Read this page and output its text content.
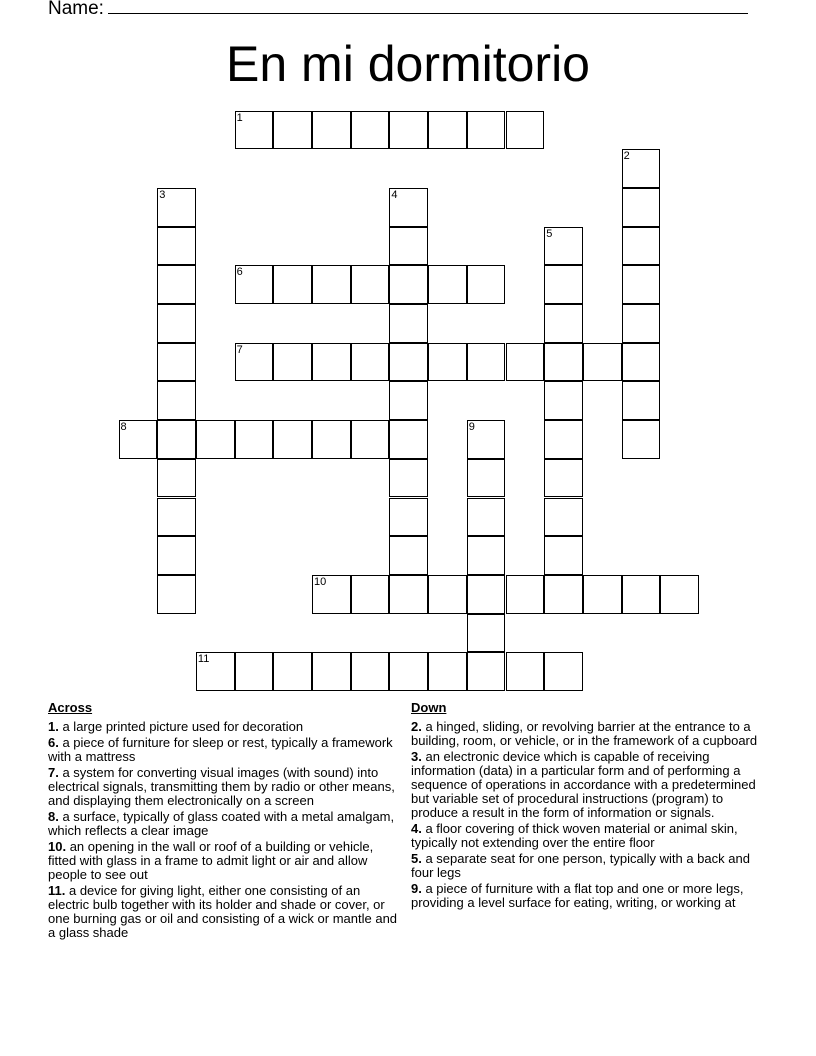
Name:
En mi dormitorio
1
2
3	4
5
6
7
8	9
10
11
Across
1. a large printed picture used for decoration
6. a piece of furniture for sleep or rest, typically a framework with a mattress
7. a system for converting visual images (with sound) into electrical signals, transmitting them by radio or other means, and displaying them electronically on a screen
8. a surface, typically of glass coated with a metal amalgam, which reflects a clear image
10. an opening in the wall or roof of a building or vehicle, fitted with glass in a frame to admit light or air and allow people to see out
11. a device for giving light, either one consisting of an electric bulb together with its holder and shade or cover, or one burning gas or oil and consisting of a wick or mantle and a glass shade
Down
2. a hinged, sliding, or revolving barrier at the entrance to a building, room, or vehicle, or in the framework of a cupboard
3. an electronic device which is capable of receiving information (data) in a particular form and of performing a sequence of operations in accordance with a predetermined but variable set of procedural instructions (program) to produce a result in the form of information or signals.
4. a floor covering of thick woven material or animal skin, typically not extending over the entire floor
5. a separate seat for one person, typically with a back and four legs
9. a piece of furniture with a flat top and one or more legs, providing a level surface for eating, writing, or working at
